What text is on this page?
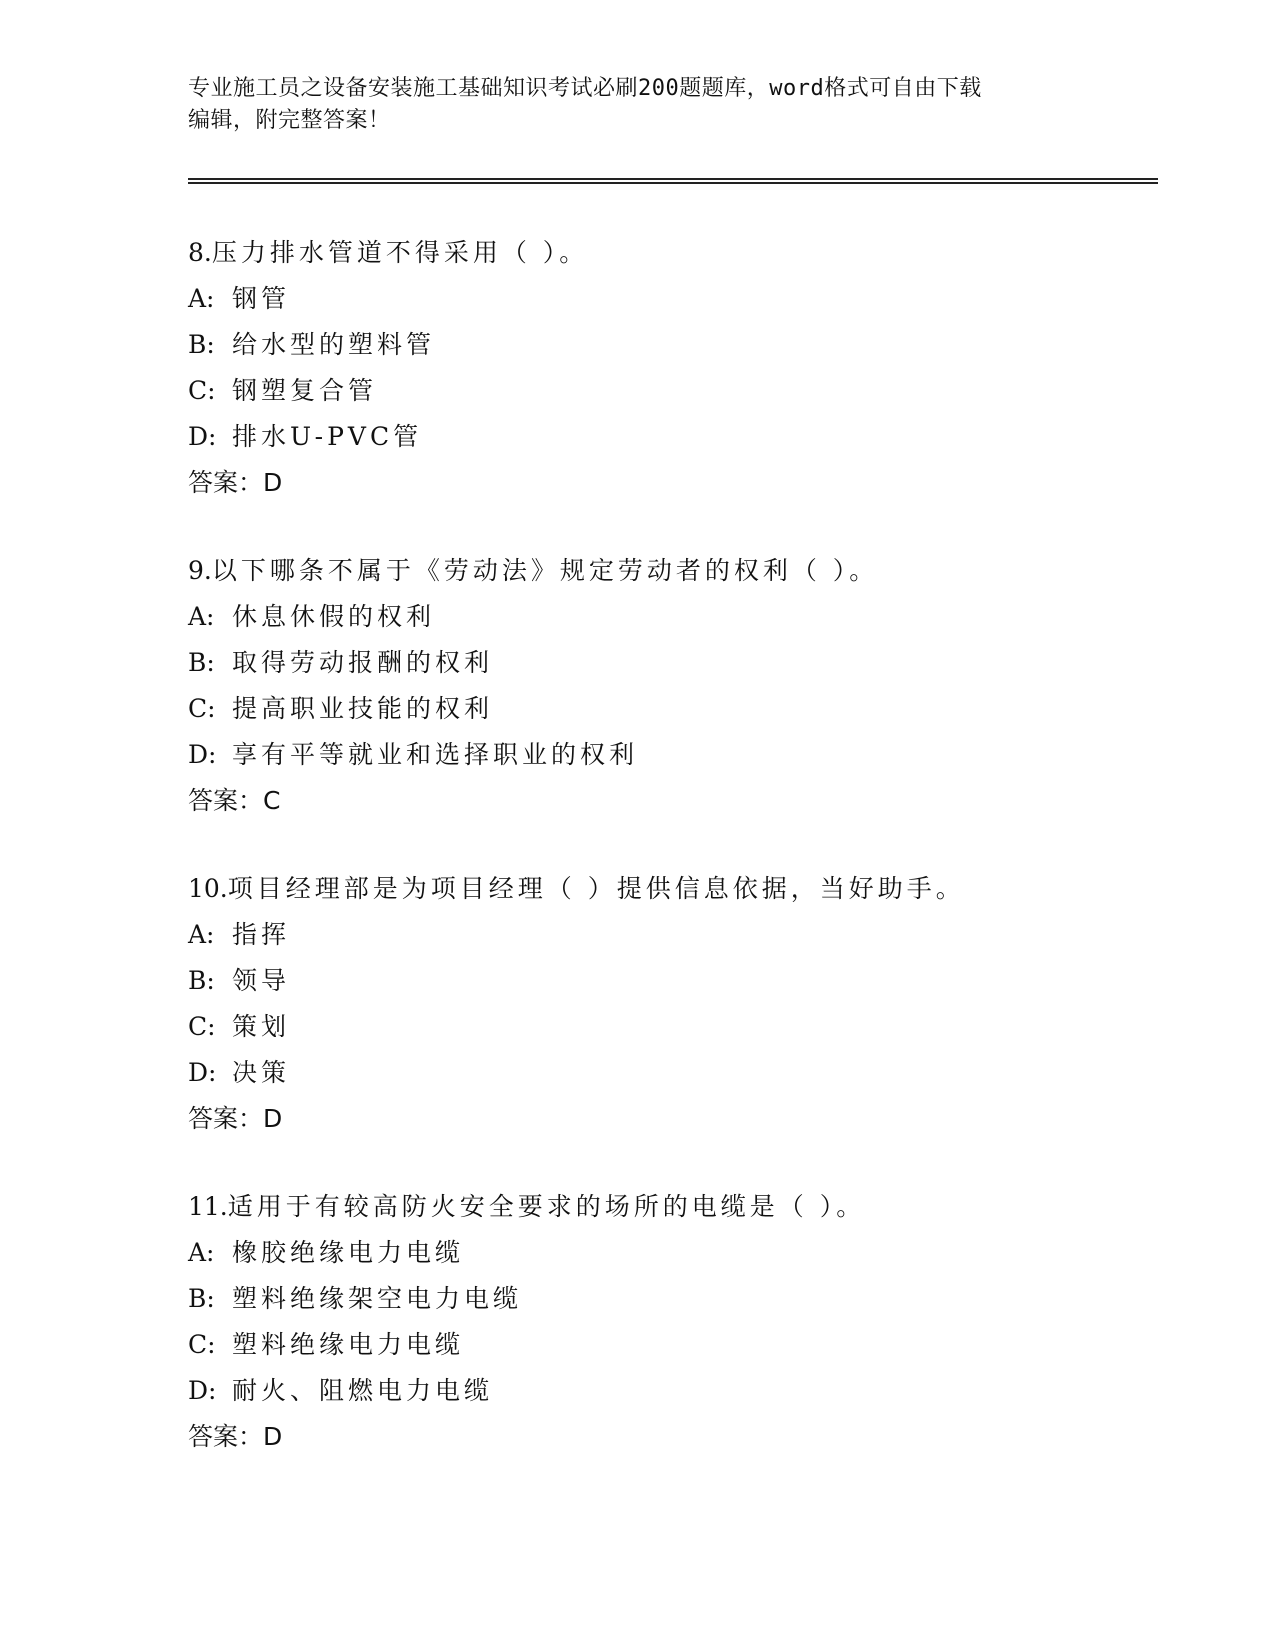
专业施工员之设备安装施工基础知识考试必刷200题题库，word格式可自由下载
编辑，附完整答案！
8.压力排水管道不得采用（ ）。
A: 钢管
B: 给水型的塑料管
C: 钢塑复合管
D: 排水U-PVC管
答案：D
9.以下哪条不属于《劳动法》规定劳动者的权利（ ）。
A: 休息休假的权利
B: 取得劳动报酬的权利
C: 提高职业技能的权利
D: 享有平等就业和选择职业的权利
答案：C
10.项目经理部是为项目经理（ ）提供信息依据，当好助手。
A: 指挥
B: 领导
C: 策划
D: 决策
答案：D
11.适用于有较高防火安全要求的场所的电缆是（ ）。
A: 橡胶绝缘电力电缆
B: 塑料绝缘架空电力电缆
C: 塑料绝缘电力电缆
D: 耐火、阻燃电力电缆
答案：D
